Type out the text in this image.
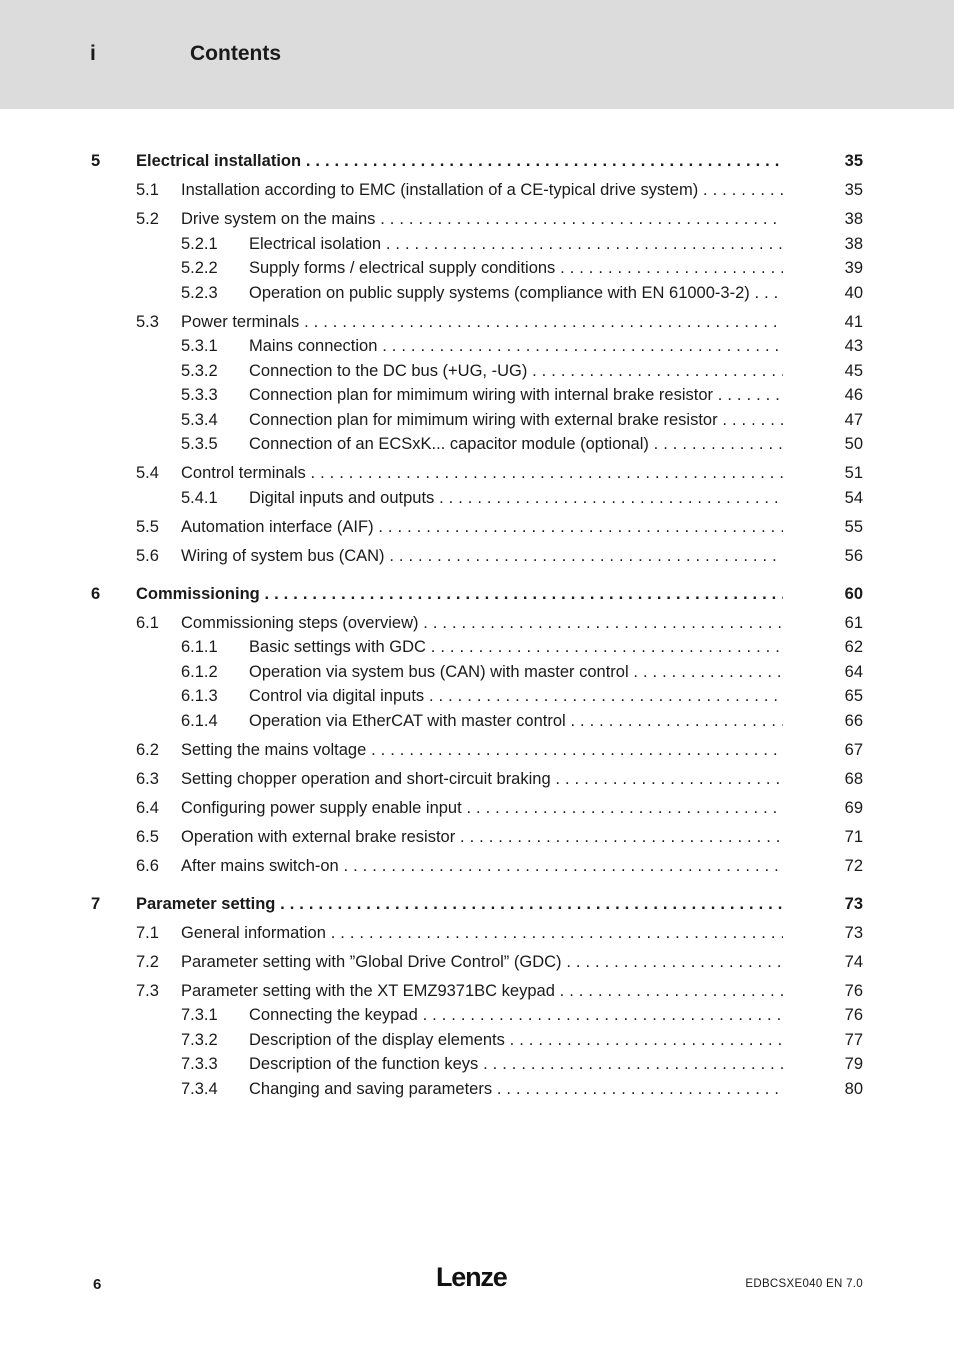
i	Contents
5 Electrical installation . . .	35
5.1 Installation according to EMC (installation of a CE-typical drive system) . . .	35
5.2 Drive system on the mains . . .	38
5.2.1 Electrical isolation . . .	38
5.2.2 Supply forms / electrical supply conditions . . .	39
5.2.3 Operation on public supply systems (compliance with EN 61000-3-2) . . .	40
5.3 Power terminals . . .	41
5.3.1 Mains connection . . .	43
5.3.2 Connection to the DC bus (+UG, -UG) . . .	45
5.3.3 Connection plan for mimimum wiring with internal brake resistor . . .	46
5.3.4 Connection plan for mimimum wiring with external brake resistor . . .	47
5.3.5 Connection of an ECSxK... capacitor module (optional) . . .	50
5.4 Control terminals . . .	51
5.4.1 Digital inputs and outputs . . .	54
5.5 Automation interface (AIF) . . .	55
5.6 Wiring of system bus (CAN) . . .	56
6 Commissioning . . .	60
6.1 Commissioning steps (overview) . . .	61
6.1.1 Basic settings with GDC . . .	62
6.1.2 Operation via system bus (CAN) with master control . . .	64
6.1.3 Control via digital inputs . . .	65
6.1.4 Operation via EtherCAT with master control . . .	66
6.2 Setting the mains voltage . . .	67
6.3 Setting chopper operation and short-circuit braking . . .	68
6.4 Configuring power supply enable input . . .	69
6.5 Operation with external brake resistor . . .	71
6.6 After mains switch-on . . .	72
7 Parameter setting . . .	73
7.1 General information . . .	73
7.2 Parameter setting with ”Global Drive Control” (GDC) . . .	74
7.3 Parameter setting with the XT EMZ9371BC keypad . . .	76
7.3.1 Connecting the keypad . . .	76
7.3.2 Description of the display elements . . .	77
7.3.3 Description of the function keys . . .	79
7.3.4 Changing and saving parameters . . .	80
6	Lenze	EDBCSXE040 EN 7.0
